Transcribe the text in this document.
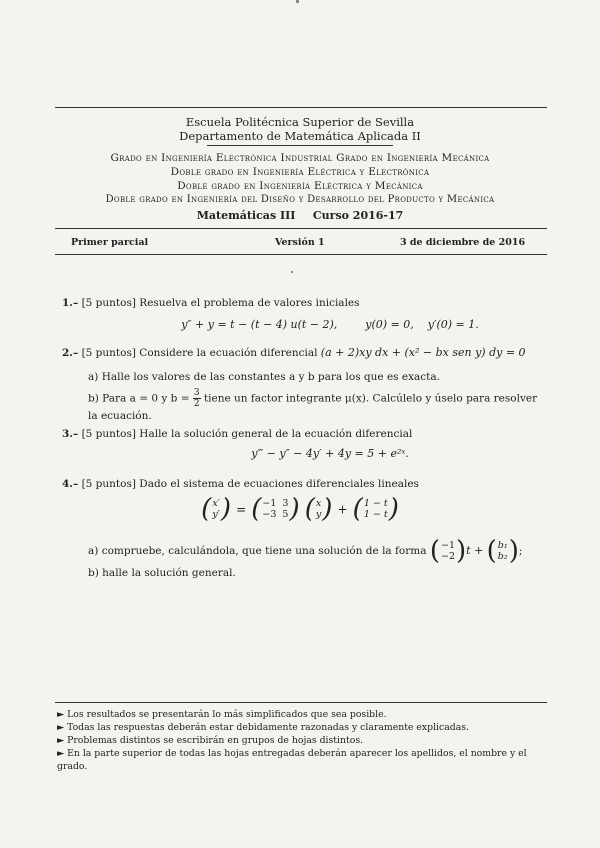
Escuela Politécnica Superior de Sevilla
Departamento de Matemática Aplicada II
Grado en Ingeniería Electrónica Industrial Grado en Ingeniería Mecánica
Doble grado en Ingeniería Eléctrica y Electrónica
Doble grado en Ingeniería Eléctrica y Mecánica
Doble grado en Ingeniería del Diseño y Desarrollo del Producto y Mecánica
Matemáticas III Curso 2016-17
Primer parcial	Versión 1	3 de diciembre de 2016
1.– [5 puntos] Resuelva el problema de valores iniciales
y″ + y = t − (t − 4) u(t − 2),        y(0) = 0,    y′(0) = 1.
2.– [5 puntos] Considere la ecuación diferencial (a + 2)xy dx + (x² − bx sen y) dy = 0
a) Halle los valores de las constantes a y b para los que es exacta.
b) Para a = 0 y $b = \frac{3}{2}$ tiene un factor integrante μ(x). Calcúlelo y úselo para resolver la ecuación.
3.– [5 puntos] Halle la solución general de la ecuación diferencial
y‴ − y″ − 4y′ + 4y = 5 + e²ˣ.
4.– [5 puntos] Dado el sistema de ecuaciones diferenciales lineales
( x′
y′ ) = ( −1 3
−3 5 )
( x
y ) + ( 1 − t
1 − t )
a) compruebe, calculándola, que tiene una solución de la forma ( −1
−2 ) t + ( b₁
b₂ ) ;
b) halle la solución general.
► Los resultados se presentarán lo más simplificados que sea posible.
► Todas las respuestas deberán estar debidamente razonadas y claramente explicadas.
► Problemas distintos se escribirán en grupos de hojas distintos.
► En la parte superior de todas las hojas entregadas deberán aparecer los apellidos, el nombre y el grado.
